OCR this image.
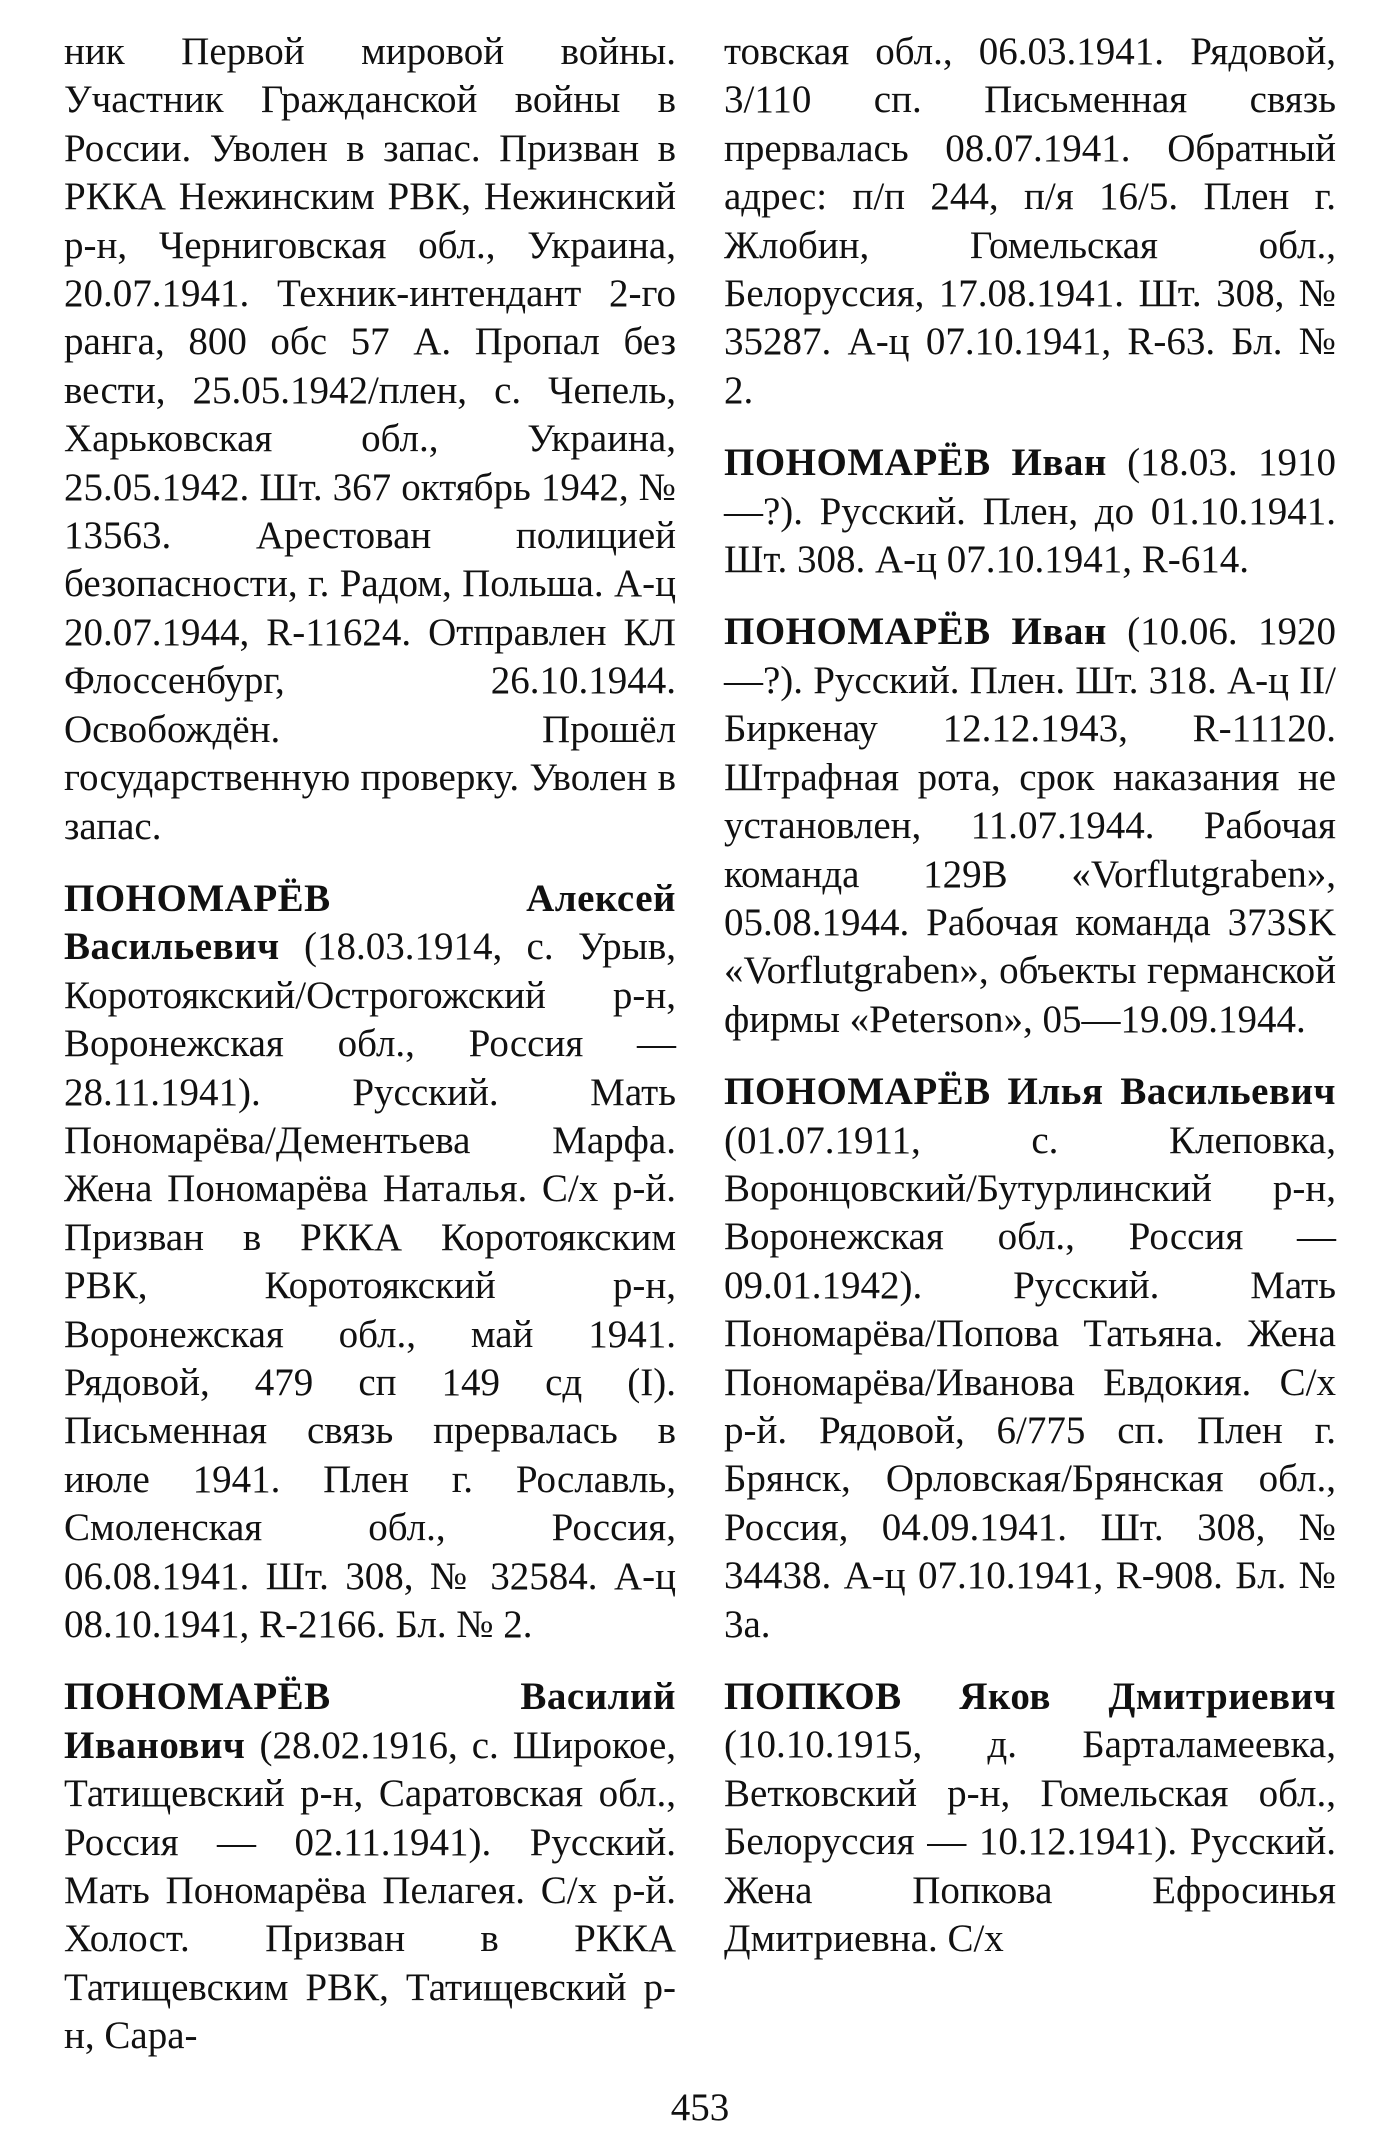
ник Первой мировой войны. Участник Гражданской войны в России. Уволен в запас. Призван в РККА Нежинским РВК, Нежинский р-н, Черниговская обл., Украина, 20.07.1941. Техник-интендант 2-го ранга, 800 обс 57 А. Пропал без вести, 25.05.1942/плен, с. Чепель, Харьковская обл., Украина, 25.05.1942. Шт. 367 октябрь 1942, № 13563. Арестован полицией безопасности, г. Радом, Польша. А-ц 20.07.1944, R-11624. Отправлен КЛ Флоссенбург, 26.10.1944. Освобождён. Прошёл государственную проверку. Уволен в запас.

ПОНОМАРЁВ Алексей Васильевич (18.03.1914, с. Урыв, Коротоякский/Острогожский р-н, Воронежская обл., Россия — 28.11.1941). Русский. Мать Пономарёва/Дементьева Марфа. Жена Пономарёва Наталья. С/х р-й. Призван в РККА Коротоякским РВК, Коротоякский р-н, Воронежская обл., май 1941. Рядовой, 479 сп 149 сд (I). Письменная связь прервалась в июле 1941. Плен г. Рославль, Смоленская обл., Россия, 06.08.1941. Шт. 308, № 32584. А-ц 08.10.1941, R-2166. Бл. № 2.

ПОНОМАРЁВ Василий Иванович (28.02.1916, с. Широкое, Татищевский р-н, Саратовская обл., Россия — 02.11.1941). Русский. Мать Пономарёва Пелагея. С/х р-й. Холост. Призван в РККА Татищевским РВК, Татищевский р-н, Сара-

товская обл., 06.03.1941. Рядовой, 3/110 сп. Письменная связь прервалась 08.07.1941. Обратный адрес: п/п 244, п/я 16/5. Плен г. Жлобин, Гомельская обл., Белоруссия, 17.08.1941. Шт. 308, № 35287. А-ц 07.10.1941, R-63. Бл. № 2.

ПОНОМАРЁВ Иван (18.03. 1910—?). Русский. Плен, до 01.10.1941. Шт. 308. А-ц 07.10.1941, R-614.

ПОНОМАРЁВ Иван (10.06. 1920—?). Русский. Плен. Шт. 318. А-ц II/Биркенау 12.12.1943, R-11120. Штрафная рота, срок наказания не установлен, 11.07.1944. Рабочая команда 129B «Vorflutgraben», 05.08.1944. Рабочая команда 373SK «Vorflutgraben», объекты германской фирмы «Peterson», 05—19.09.1944.

ПОНОМАРЁВ Илья Васильевич (01.07.1911, с. Клеповка, Воронцовский/Бутурлинский р-н, Воронежская обл., Россия — 09.01.1942). Русский. Мать Пономарёва/Попова Татьяна. Жена Пономарёва/Иванова Евдокия. С/х р-й. Рядовой, 6/775 сп. Плен г. Брянск, Орловская/Брянская обл., Россия, 04.09.1941. Шт. 308, № 34438. А-ц 07.10.1941, R-908. Бл. № 3а.

ПОПКОВ Яков Дмитриевич (10.10.1915, д. Барталамеевка, Ветковский р-н, Гомельская обл., Белоруссия — 10.12.1941). Русский. Жена Попкова Ефросинья Дмитриевна. С/х

453
